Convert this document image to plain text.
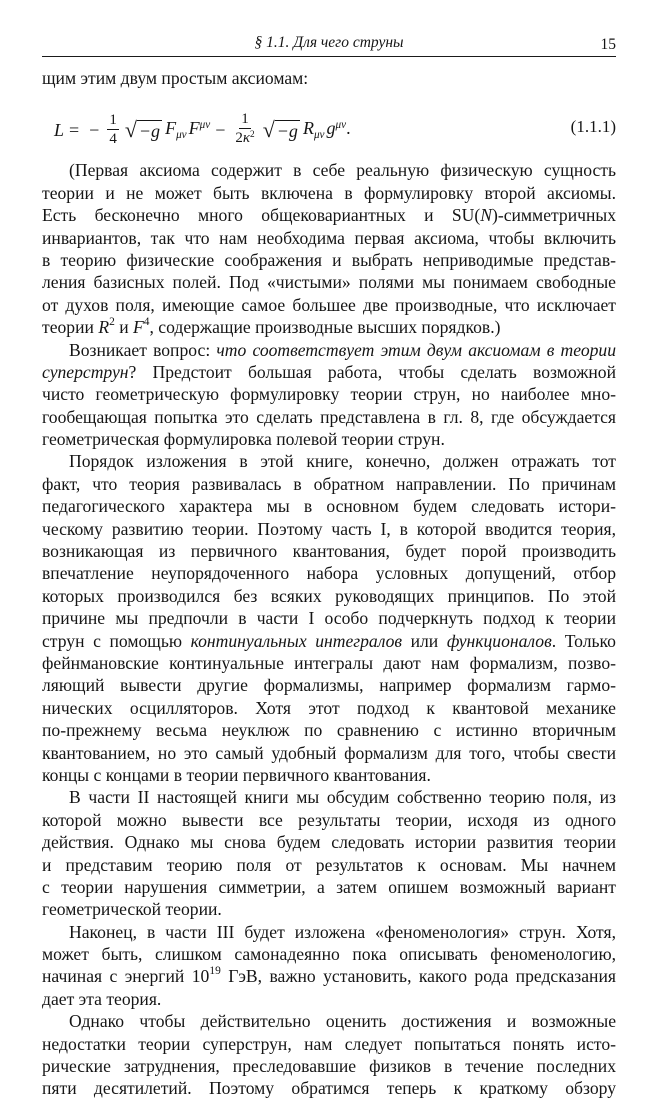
§ 1.1. Для чего струны	15
щим этим двум простым аксиомам:
L = − $\frac{1}{4}$ √ −g $F_{\mu\nu}$ $F^{\mu\nu} - \frac{1}{2\kappa^2}$ √ −g $R_{\mu\nu}$ $g^{\mu\nu}$.	(1.1.1)
(Первая аксиома содержит в себе реальную физическую сущность
теории и не может быть включена в формулировку второй аксиомы.
Есть бесконечно много общековариантных и SU(N)-симметричных
инвариантов, так что нам необходима первая аксиома, чтобы включить
в теорию физические соображения и выбрать неприводимые представ-
ления базисных полей. Под «чистыми» полями мы понимаем свободные
от духов поля, имеющие самое большее две производные, что исключает
теории $R^2$ и $F^4$, содержащие производные высших порядков.)
Возникает вопрос: что соответствует этим двум аксиомам в теории
суперструн? Предстоит большая работа, чтобы сделать возможной
чисто геометрическую формулировку теории струн, но наиболее мно-
гообещающая попытка это сделать представлена в гл. 8, где обсуждается
геометрическая формулировка полевой теории струн.
Порядок изложения в этой книге, конечно, должен отражать тот
факт, что теория развивалась в обратном направлении. По причинам
педагогического характера мы в основном будем следовать истори-
ческому развитию теории. Поэтому часть I, в которой вводится теория,
возникающая из первичного квантования, будет порой производить
впечатление неупорядоченного набора условных допущений, отбор
которых производился без всяких руководящих принципов. По этой
причине мы предпочли в части I особо подчеркнуть подход к теории
струн с помощью континуальных интегралов или функционалов. Только
фейнмановские континуальные интегралы дают нам формализм, позво-
ляющий вывести другие формализмы, например формализм гармо-
нических осцилляторов. Хотя этот подход к квантовой механике
по-прежнему весьма неуклюж по сравнению с истинно вторичным
квантованием, но это самый удобный формализм для того, чтобы свести
концы с концами в теории первичного квантования.
В части II настоящей книги мы обсудим собственно теорию поля, из
которой можно вывести все результаты теории, исходя из одного
действия. Однако мы снова будем следовать истории развития теории
и представим теорию поля от результатов к основам. Мы начнем
с теории нарушения симметрии, а затем опишем возможный вариант
геометрической теории.
Наконец, в части III будет изложена «феноменология» струн. Хотя,
может быть, слишком самонадеянно пока описывать феноменологию,
начиная с энергий $10^{19}$ ГэВ, важно установить, какого рода предсказания
дает эта теория.
Однако чтобы действительно оценить достижения и возможные
недостатки теории суперструн, нам следует попытаться понять исто-
рические затруднения, преследовавшие физиков в течение последних
пяти десятилетий. Поэтому обратимся теперь к краткому обзору
